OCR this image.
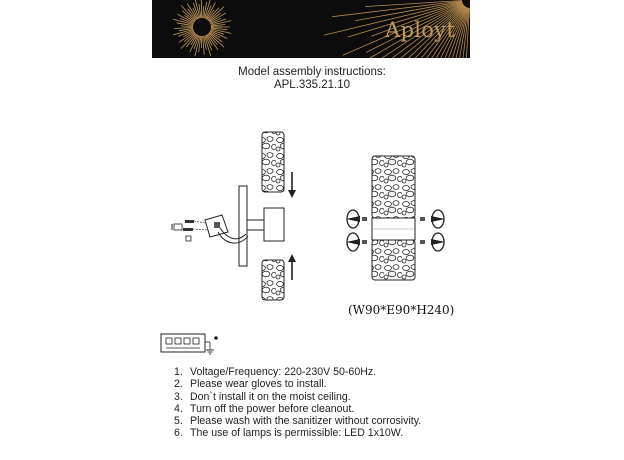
Aployt
Model assembly instructions:
APL.335.21.10
(W90*E90*H240)
1. Voltage/Frequency: 220-230V 50-60Hz.
2. Please wear gloves to install.
3. Don`t install it on the moist ceiling.
4. Turn off the power before cleanout.
5. Please wash with the sanitizer without corrosivity.
6. The use of lamps is permissible: LED 1x10W.
